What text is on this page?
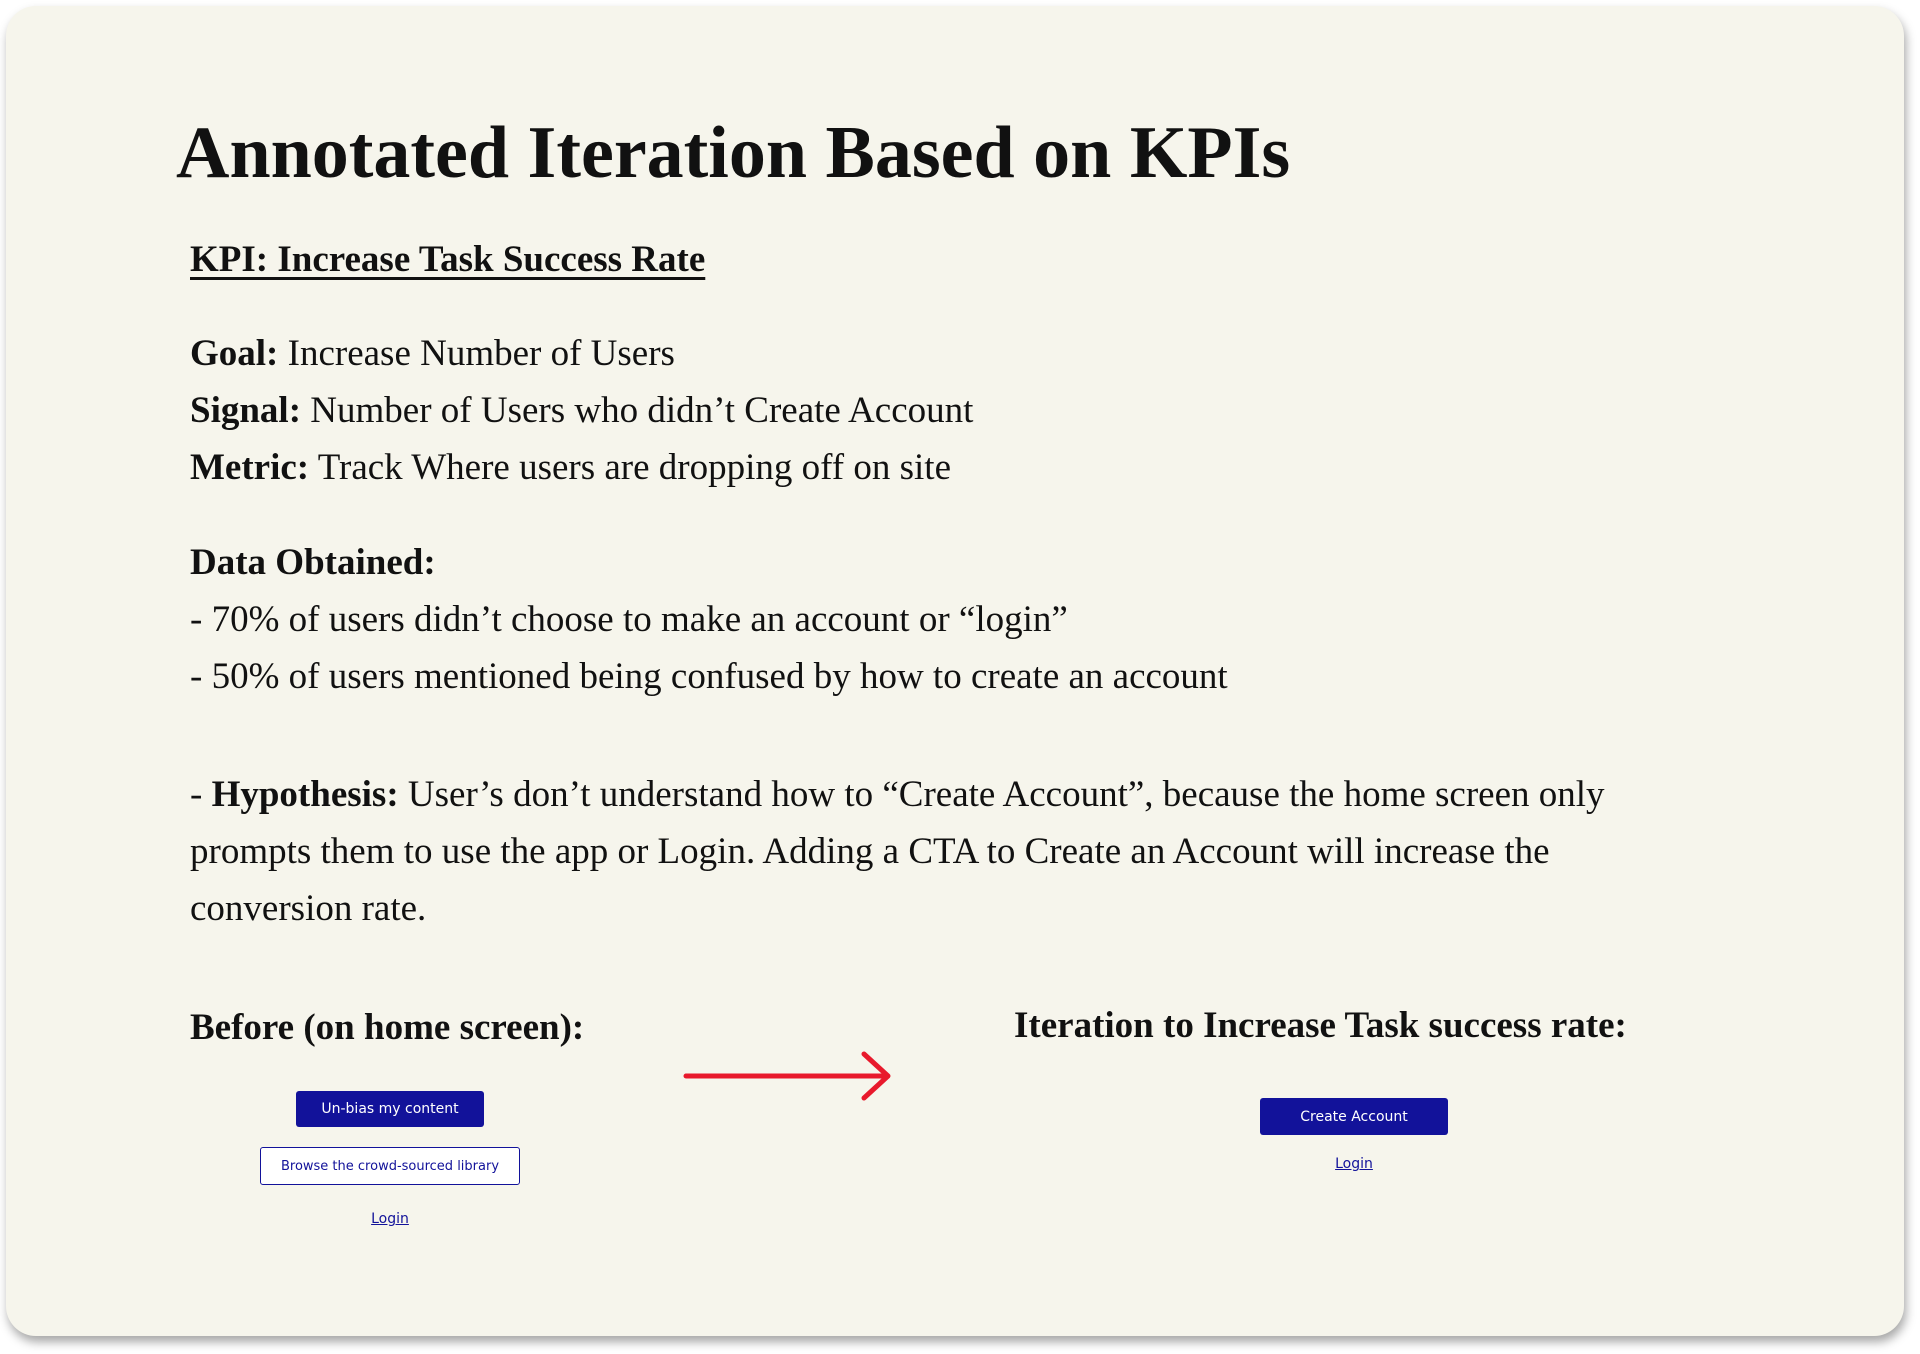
Annotated Iteration Based on KPIs
KPI: Increase Task Success Rate
Goal: Increase Number of Users
Signal: Number of Users who didn’t Create Account
Metric: Track Where users are dropping off on site
Data Obtained:
- 70% of users didn’t choose to make an account or “login”
- 50% of users mentioned being confused by how to create an account
- Hypothesis: User’s don’t understand how to “Create Account”, because the home screen only prompts them to use the app or Login. Adding a CTA to Create an Account will increase the conversion rate.
Before (on home screen):
Un-bias my content
Browse the crowd-sourced library
Login
Iteration to Increase Task success rate:
Create Account
Login
